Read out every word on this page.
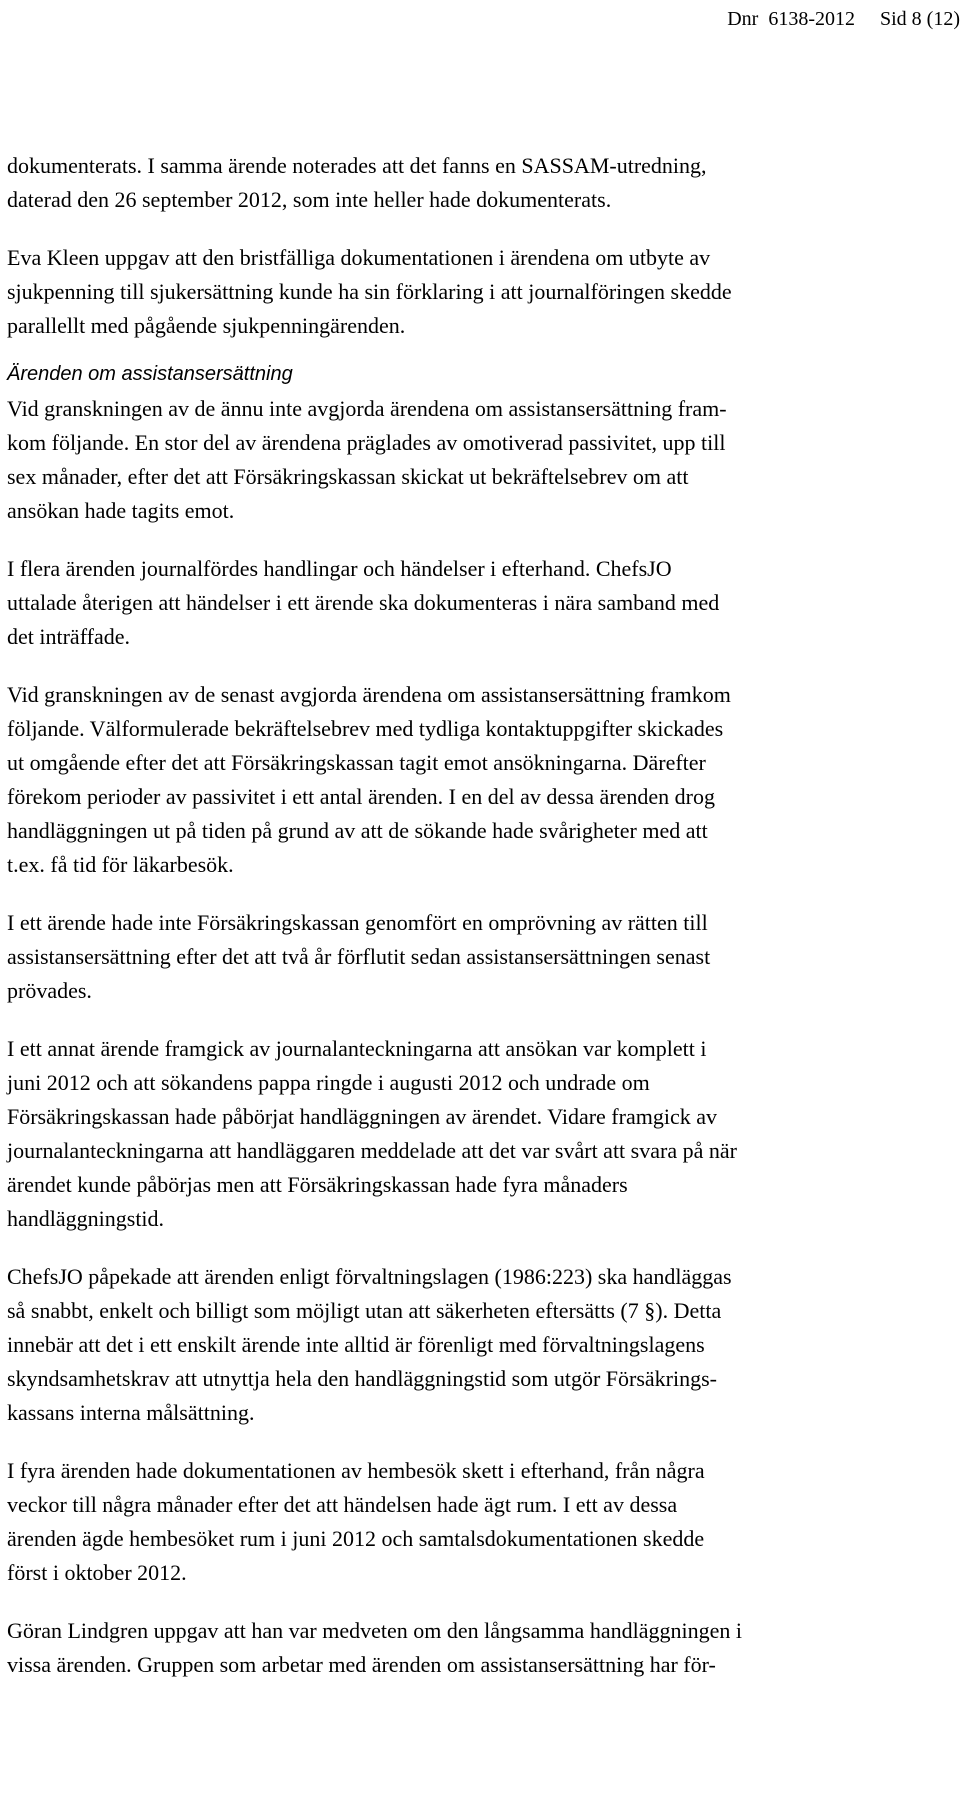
Dnr  6138-2012 Sid 8 (12)

dokumenterats. I samma ärende noterades att det fanns en SASSAM-utredning,
daterad den 26 september 2012, som inte heller hade dokumenterats.

Eva Kleen uppgav att den bristfälliga dokumentationen i ärendena om utbyte av
sjukpenning till sjukersättning kunde ha sin förklaring i att journalföringen skedde
parallellt med pågående sjukpenningärenden.

Ärenden om assistansersättning

Vid granskningen av de ännu inte avgjorda ärendena om assistansersättning fram-
kom följande. En stor del av ärendena präglades av omotiverad passivitet, upp till
sex månader, efter det att Försäkringskassan skickat ut bekräftelsebrev om att
ansökan hade tagits emot.

I flera ärenden journalfördes handlingar och händelser i efterhand. ChefsJO
uttalade återigen att händelser i ett ärende ska dokumenteras i nära samband med
det inträffade.

Vid granskningen av de senast avgjorda ärendena om assistansersättning framkom
följande. Välformulerade bekräftelsebrev med tydliga kontaktuppgifter skickades
ut omgående efter det att Försäkringskassan tagit emot ansökningarna. Därefter
förekom perioder av passivitet i ett antal ärenden. I en del av dessa ärenden drog
handläggningen ut på tiden på grund av att de sökande hade svårigheter med att
t.ex. få tid för läkarbesök.

I ett ärende hade inte Försäkringskassan genomfört en omprövning av rätten till
assistansersättning efter det att två år förflutit sedan assistansersättningen senast
prövades.

I ett annat ärende framgick av journalanteckningarna att ansökan var komplett i
juni 2012 och att sökandens pappa ringde i augusti 2012 och undrade om
Försäkringskassan hade påbörjat handläggningen av ärendet. Vidare framgick av
journalanteckningarna att handläggaren meddelade att det var svårt att svara på när
ärendet kunde påbörjas men att Försäkringskassan hade fyra månaders
handläggningstid.

ChefsJO påpekade att ärenden enligt förvaltningslagen (1986:223) ska handläggas
så snabbt, enkelt och billigt som möjligt utan att säkerheten eftersätts (7 §). Detta
innebär att det i ett enskilt ärende inte alltid är förenligt med förvaltningslagens
skyndsamhetskrav att utnyttja hela den handläggningstid som utgör Försäkrings-
kassans interna målsättning.

I fyra ärenden hade dokumentationen av hembesök skett i efterhand, från några
veckor till några månader efter det att händelsen hade ägt rum. I ett av dessa
ärenden ägde hembesöket rum i juni 2012 och samtalsdokumentationen skedde
först i oktober 2012.

Göran Lindgren uppgav att han var medveten om den långsamma handläggningen i
vissa ärenden. Gruppen som arbetar med ärenden om assistansersättning har för-
